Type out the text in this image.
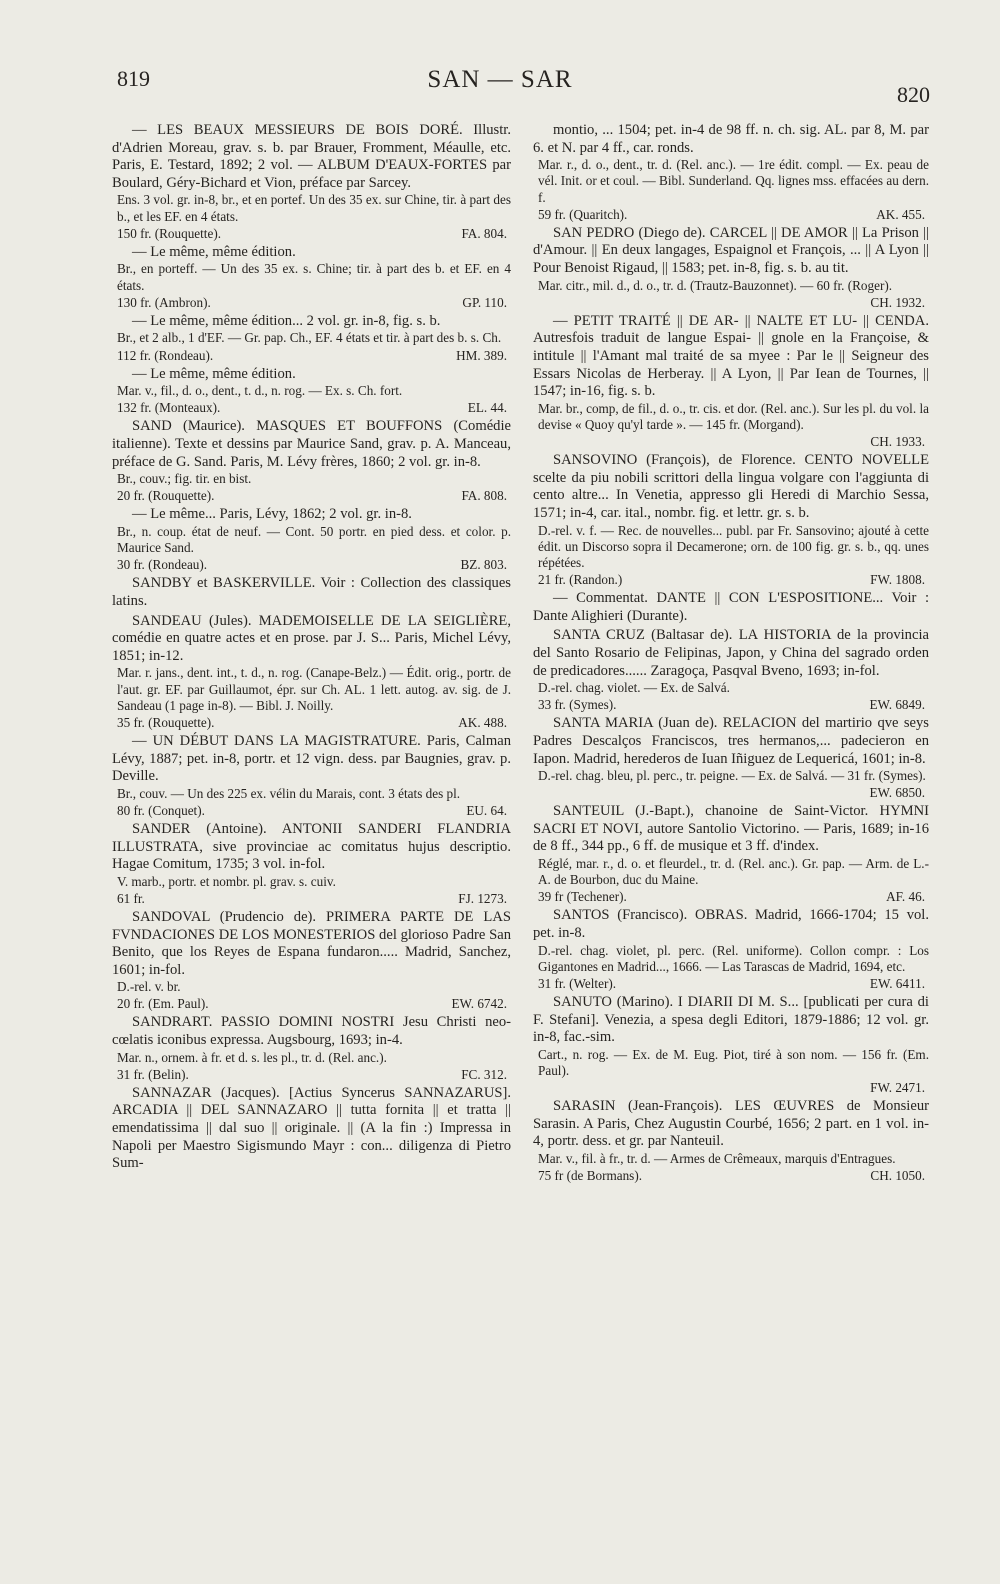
819	SAN — SAR
820

— LES BEAUX MESSIEURS DE BOIS DORÉ. Illustr. d'Adrien Moreau, grav. s. b. par Brauer, Fromment, Méaulle, etc. Paris, E. Testard, 1892; 2 vol. — ALBUM D'EAUX-FORTES par Boulard, Géry-Bichard et Vion, préface par Sarcey.

Ens. 3 vol. gr. in-8, br., et en portef. Un des 35 ex. sur Chine, tir. à part des b., et les EF. en 4 états.

150 fr. (Rouquette).	FA. 804.

— Le même, même édition.

Br., en porteff. — Un des 35 ex. s. Chine; tir. à part des b. et EF. en 4 états.

130 fr. (Ambron).	GP. 110.

— Le même, même édition... 2 vol. gr. in-8, fig. s. b.

Br., et 2 alb., 1 d'EF. — Gr. pap. Ch., EF. 4 états et tir. à part des b. s. Ch.

112 fr. (Rondeau).	HM. 389.

— Le même, même édition.

Mar. v., fil., d. o., dent., t. d., n. rog. — Ex. s. Ch. fort.

132 fr. (Monteaux).	EL. 44.

SAND (Maurice). MASQUES ET BOUFFONS (Comédie italienne). Texte et dessins par Maurice Sand, grav. p. A. Manceau, préface de G. Sand. Paris, M. Lévy frères, 1860; 2 vol. gr. in-8.

Br., couv.; fig. tir. en bist.

20 fr. (Rouquette).	FA. 808.

— Le même... Paris, Lévy, 1862; 2 vol. gr. in-8.

Br., n. coup. état de neuf. — Cont. 50 portr. en pied dess. et color. p. Maurice Sand.

30 fr. (Rondeau).	BZ. 803.

SANDBY et BASKERVILLE. Voir : Collection des classiques latins.

SANDEAU (Jules). MADEMOISELLE DE LA SEIGLIÈRE, comédie en quatre actes et en prose. par J. S... Paris, Michel Lévy, 1851; in-12.

Mar. r. jans., dent. int., t. d., n. rog. (Canape-Belz.) — Édit. orig., portr. de l'aut. gr. EF. par Guillaumot, épr. sur Ch. AL. 1 lett. autog. av. sig. de J. Sandeau (1 page in-8). — Bibl. J. Noilly.

35 fr. (Rouquette).	AK. 488.

— UN DÉBUT DANS LA MAGISTRATURE. Paris, Calman Lévy, 1887; pet. in-8, portr. et 12 vign. dess. par Baugnies, grav. p. Deville.

Br., couv. — Un des 225 ex. vélin du Marais, cont. 3 états des pl.

80 fr. (Conquet).	EU. 64.

SANDER (Antoine). ANTONII SANDERI FLANDRIA ILLUSTRATA, sive provinciae ac comitatus hujus descriptio. Hagae Comitum, 1735; 3 vol. in-fol.

V. marb., portr. et nombr. pl. grav. s. cuiv.

61 fr.	FJ. 1273.

SANDOVAL (Prudencio de). PRIMERA PARTE DE LAS FVNDACIONES DE LOS MONESTERIOS del glorioso Padre San Benito, que los Reyes de Espana fundaron..... Madrid, Sanchez, 1601; in-fol.

D.-rel. v. br.

20 fr. (Em. Paul).	EW. 6742.

SANDRART. PASSIO DOMINI NOSTRI Jesu Christi neo-cœlatis iconibus expressa. Augsbourg, 1693; in-4.

Mar. n., ornem. à fr. et d. s. les pl., tr. d. (Rel. anc.).

31 fr. (Belin).	FC. 312.

SANNAZAR (Jacques). [Actius Syncerus SANNAZARUS]. ARCADIA || DEL SANNAZARO || tutta fornita || et tratta || emendatissima || dal suo || originale. || (A la fin :) Impressa in Napoli per Maestro Sigismundo Mayr : con... diligenza di Pietro Sum-

montio, ... 1504; pet. in-4 de 98 ff. n. ch. sig. AL. par 8, M. par 6. et N. par 4 ff., car. ronds.

Mar. r., d. o., dent., tr. d. (Rel. anc.). — 1re édit. compl. — Ex. peau de vél. Init. or et coul. — Bibl. Sunderland. Qq. lignes mss. effacées au dern. f.

59 fr. (Quaritch).	AK. 455.

SAN PEDRO (Diego de). CARCEL || DE AMOR || La Prison || d'Amour. || En deux langages, Espaignol et François, ... || A Lyon || Pour Benoist Rigaud, || 1583; pet. in-8, fig. s. b. au tit.

Mar. citr., mil. d., d. o., tr. d. (Trautz-Bauzonnet). — 60 fr. (Roger).

CH. 1932.

— PETIT TRAITÉ || DE AR- || NALTE ET LU- || CENDA. Autresfois traduit de langue Espai- || gnole en la Françoise, & intitule || l'Amant mal traité de sa myee : Par le || Seigneur des Essars Nicolas de Herberay. || A Lyon, || Par Iean de Tournes, || 1547; in-16, fig. s. b.

Mar. br., comp, de fil., d. o., tr. cis. et dor. (Rel. anc.). Sur les pl. du vol. la devise « Quoy qu'yl tarde ». — 145 fr. (Morgand).

CH. 1933.

SANSOVINO (François), de Florence. CENTO NOVELLE scelte da piu nobili scrittori della lingua volgare con l'aggiunta di cento altre... In Venetia, appresso gli Heredi di Marchio Sessa, 1571; in-4, car. ital., nombr. fig. et lettr. gr. s. b.

D.-rel. v. f. — Rec. de nouvelles... publ. par Fr. Sansovino; ajouté à cette édit. un Discorso sopra il Decamerone; orn. de 100 fig. gr. s. b., qq. unes répétées.

21 fr. (Randon.)	FW. 1808.

— Commentat. DANTE || CON L'ESPOSITIONE... Voir : Dante Alighieri (Durante).

SANTA CRUZ (Baltasar de). LA HISTORIA de la provincia del Santo Rosario de Felipinas, Japon, y China del sagrado orden de predicadores...... Zaragoça, Pasqval Bveno, 1693; in-fol.

D.-rel. chag. violet. — Ex. de Salvá.

33 fr. (Symes).	EW. 6849.

SANTA MARIA (Juan de). RELACION del martirio qve seys Padres Descalços Franciscos, tres hermanos,... padecieron en Iapon. Madrid, herederos de Iuan Iñiguez de Lequericá, 1601; in-8.

D.-rel. chag. bleu, pl. perc., tr. peigne. — Ex. de Salvá. — 31 fr. (Symes).

EW. 6850.

SANTEUIL (J.-Bapt.), chanoine de Saint-Victor. HYMNI SACRI ET NOVI, autore Santolio Victorino. — Paris, 1689; in-16 de 8 ff., 344 pp., 6 ff. de musique et 3 ff. d'index.

Réglé, mar. r., d. o. et fleurdel., tr. d. (Rel. anc.). Gr. pap. — Arm. de L.-A. de Bourbon, duc du Maine.

39 fr (Techener).	AF. 46.

SANTOS (Francisco). OBRAS. Madrid, 1666-1704; 15 vol. pet. in-8.

D.-rel. chag. violet, pl. perc. (Rel. uniforme). Collon compr. : Los Gigantones en Madrid..., 1666. — Las Tarascas de Madrid, 1694, etc.

31 fr. (Welter).	EW. 6411.

SANUTO (Marino). I DIARII DI M. S... [publicati per cura di F. Stefani]. Venezia, a spesa degli Editori, 1879-1886; 12 vol. gr. in-8, fac.-sim.

Cart., n. rog. — Ex. de M. Eug. Piot, tiré à son nom. — 156 fr. (Em. Paul).

FW. 2471.

SARASIN (Jean-François). LES ŒUVRES de Monsieur Sarasin. A Paris, Chez Augustin Courbé, 1656; 2 part. en 1 vol. in-4, portr. dess. et gr. par Nanteuil.

Mar. v., fil. à fr., tr. d. — Armes de Crêmeaux, marquis d'Entragues.

75 fr (de Bormans).	CH. 1050.
